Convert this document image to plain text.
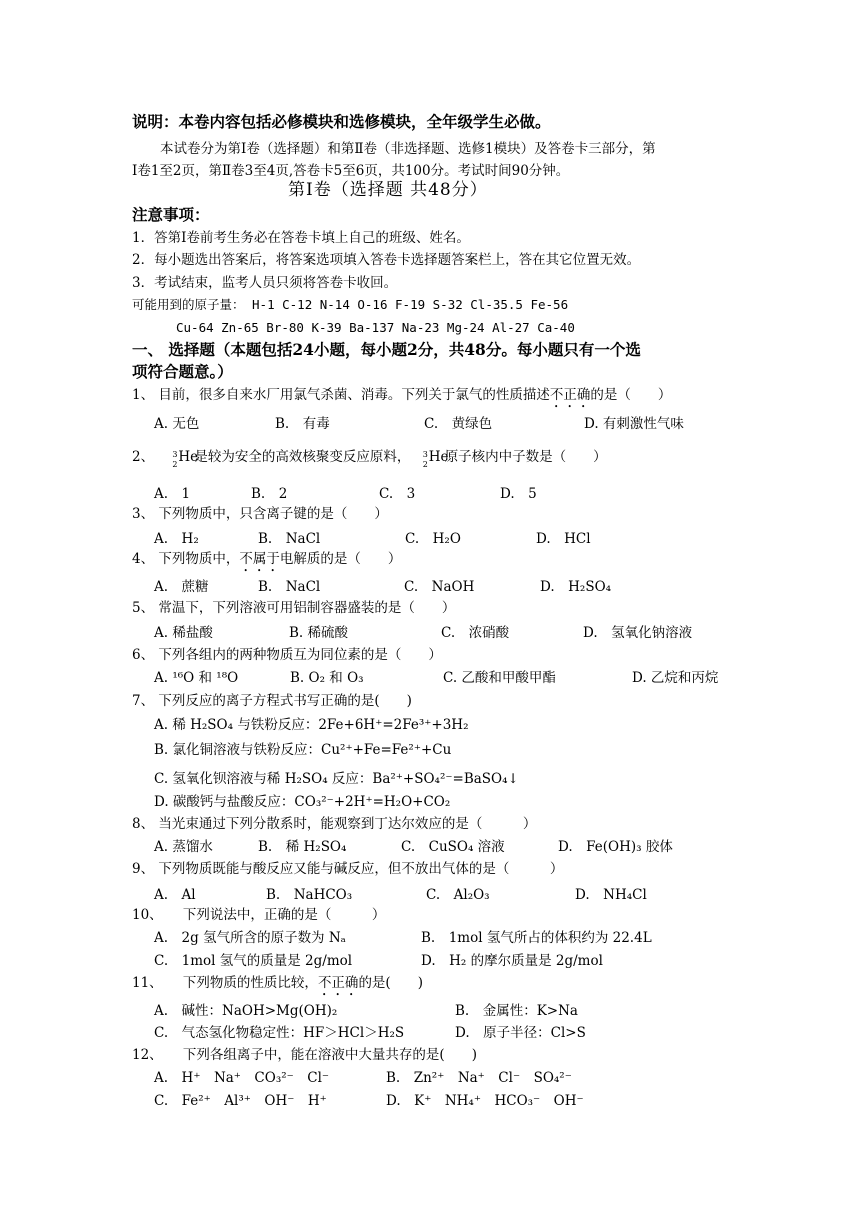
说明：本卷内容包括必修模块和选修模块，全年级学生必做。
本试卷分为第Ⅰ卷（选择题）和第Ⅱ卷（非选择题、选修1模块）及答卷卡三部分，第
Ⅰ卷1至2页，第Ⅱ卷3至4页,答卷卡5至6页，共100分。考试时间90分钟。
第Ⅰ卷（选择题 共48分）
注意事项：
1．答第Ⅰ卷前考生务必在答卷卡填上自己的班级、姓名。
2．每小题选出答案后，将答案选项填入答卷卡选择题答案栏上，答在其它位置无效。
3．考试结束，监考人员只须将答卷卡收回。
可能用到的原子量： H-1 C-12 N-14 O-16 F-19 S-32 Cl-35.5 Fe-56
Cu-64 Zn-65 Br-80 K-39 Ba-137 Na-23 Mg-24 Al-27 Ca-40
一、 选择题（本题包括24小题，每小题2分，共48分。每小题只有一个选
项符合题意。）
1、 目前，很多自来水厂用氯气杀菌、消毒。下列关于氯气的性质描述不正确的是（　　）
A. 无色	B.　有毒	C.　黄绿色	D. 有刺激性气味
2、 3
2 He
是较为安全的高效核聚变反应原料， 3
2 He
原子核内中子数是（　　）
A.　1	B.　2	C.　3	D.　5
3、 下列物质中，只含离子键的是（　　）
A.　H₂	B.　NaCl	C.　H₂O	D.　HCl
4、 下列物质中，不属于电解质的是（　　）
A.　蔗糖	B.　NaCl	C.　NaOH	D.　H₂SO₄
5、 常温下，下列溶液可用铝制容器盛装的是（　　）
A. 稀盐酸	B. 稀硫酸	C.　浓硝酸	D.　氢氧化钠溶液
6、 下列各组内的两种物质互为同位素的是（　　）
A. ¹⁶O 和 ¹⁸O	B. O₂ 和 O₃	C. 乙酸和甲酸甲酯	D. 乙烷和丙烷
7、 下列反应的离子方程式书写正确的是(　　)
A. 稀 H₂SO₄ 与铁粉反应：2Fe+6H⁺=2Fe³⁺+3H₂
B. 氯化铜溶液与铁粉反应：Cu²⁺+Fe=Fe²⁺+Cu
C. 氢氧化钡溶液与稀 H₂SO₄ 反应：Ba²⁺+SO₄²⁻=BaSO₄↓
D. 碳酸钙与盐酸反应：CO₃²⁻+2H⁺=H₂O+CO₂
8、 当光束通过下列分散系时，能观察到丁达尔效应的是（　　　）
A. 蒸馏水	B.　稀 H₂SO₄	C.　CuSO₄ 溶液	D.　Fe(OH)₃ 胶体
9、 下列物质既能与酸反应又能与碱反应，但不放出气体的是（　　　）
A.　Al	B.　NaHCO₃	C.　Al₂O₃	D.　NH₄Cl
10、　　下列说法中，正确的是（　　　）
A.　2g 氢气所含的原子数为 Nₐ	B.　1mol 氢气所占的体积约为 22.4L
C.　1mol 氢气的质量是 2g/mol	D.　H₂ 的摩尔质量是 2g/mol
11、　　下列物质的性质比较，不正确的是(　　)
A.　碱性：NaOH>Mg(OH)₂	B.　金属性：K>Na
C.　气态氢化物稳定性：HF＞HCl＞H₂S	D.　原子半径：Cl>S
12、　　下列各组离子中，能在溶液中大量共存的是(　　)
A.　H⁺　Na⁺　CO₃²⁻　Cl⁻	B.　Zn²⁺　Na⁺　Cl⁻　SO₄²⁻
C.　Fe²⁺　Al³⁺　OH⁻　H⁺	D.　K⁺　NH₄⁺　HCO₃⁻　OH⁻
